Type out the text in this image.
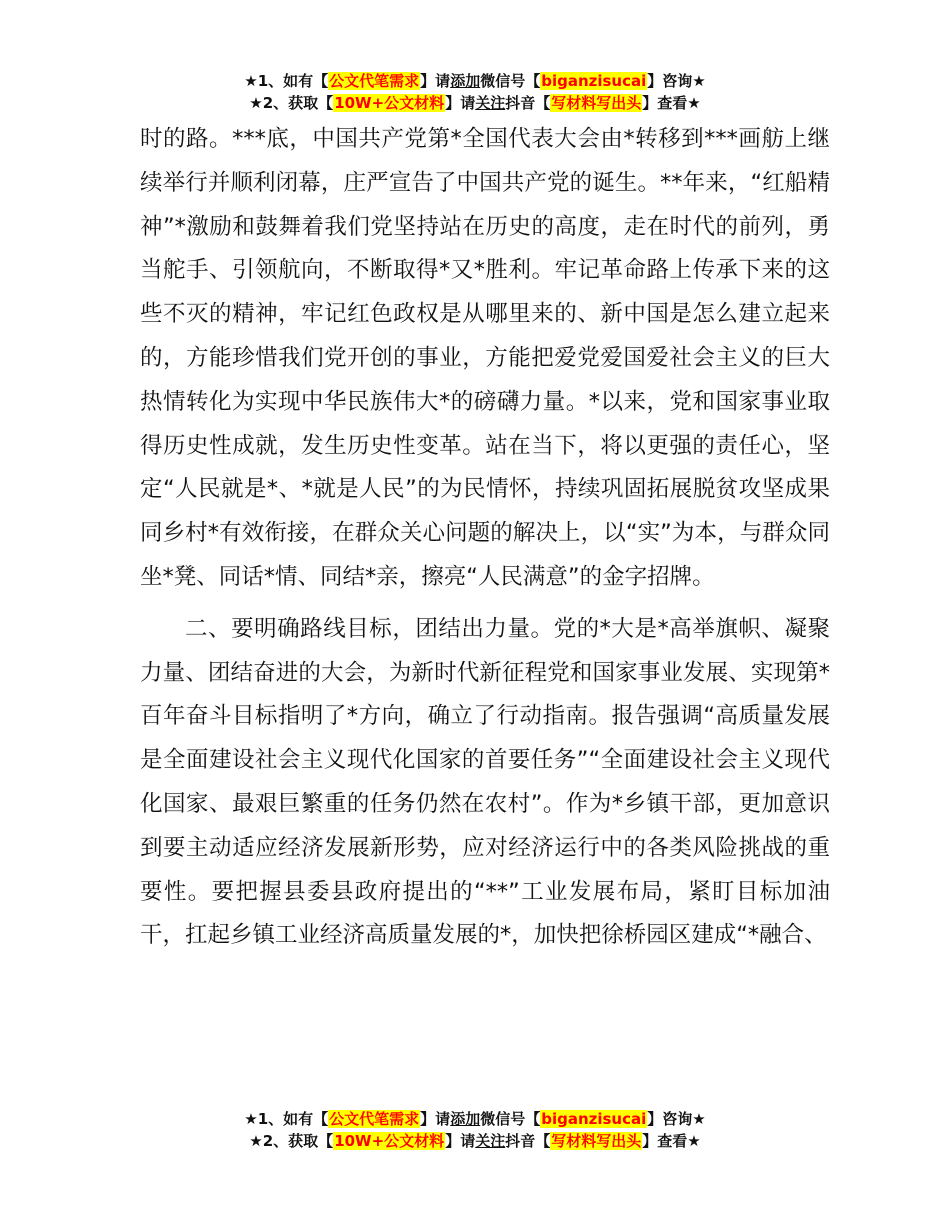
★1、如有【公文代笔需求】请添加微信号【biganzisucai】咨询★
★2、获取【10W+公文材料】请关注抖音【写材料写出头】查看★

时的路。***底，中国共产党第*全国代表大会由*转移到***画舫上继续举行并顺利闭幕，庄严宣告了中国共产党的诞生。**年来，“红船精神”*激励和鼓舞着我们党坚持站在历史的高度，走在时代的前列，勇当舵手、引领航向，不断取得*又*胜利。牢记革命路上传承下来的这些不灭的精神，牢记红色政权是从哪里来的、新中国是怎么建立起来的，方能珍惜我们党开创的事业，方能把爱党爱国爱社会主义的巨大热情转化为实现中华民族伟大*的磅礴力量。*以来，党和国家事业取得历史性成就，发生历史性变革。站在当下，将以更强的责任心，坚定“人民就是*、*就是人民”的为民情怀，持续巩固拓展脱贫攻坚成果同乡村*有效衔接，在群众关心问题的解决上，以“实”为本，与群众同坐*凳、同话*情、同结*亲，擦亮“人民满意”的金字招牌。

二、要明确路线目标，团结出力量。党的*大是*高举旗帜、凝聚力量、团结奋进的大会，为新时代新征程党和国家事业发展、实现第*百年奋斗目标指明了*方向，确立了行动指南。报告强调“高质量发展是全面建设社会主义现代化国家的首要任务”“全面建设社会主义现代化国家、最艰巨繁重的任务仍然在农村”。作为*乡镇干部，更加意识到要主动适应经济发展新形势，应对经济运行中的各类风险挑战的重要性。要把握县委县政府提出的“**”工业发展布局，紧盯目标加油干，扛起乡镇工业经济高质量发展的*，加快把徐桥园区建成“*融合、

★1、如有【公文代笔需求】请添加微信号【biganzisucai】咨询★
★2、获取【10W+公文材料】请关注抖音【写材料写出头】查看★
